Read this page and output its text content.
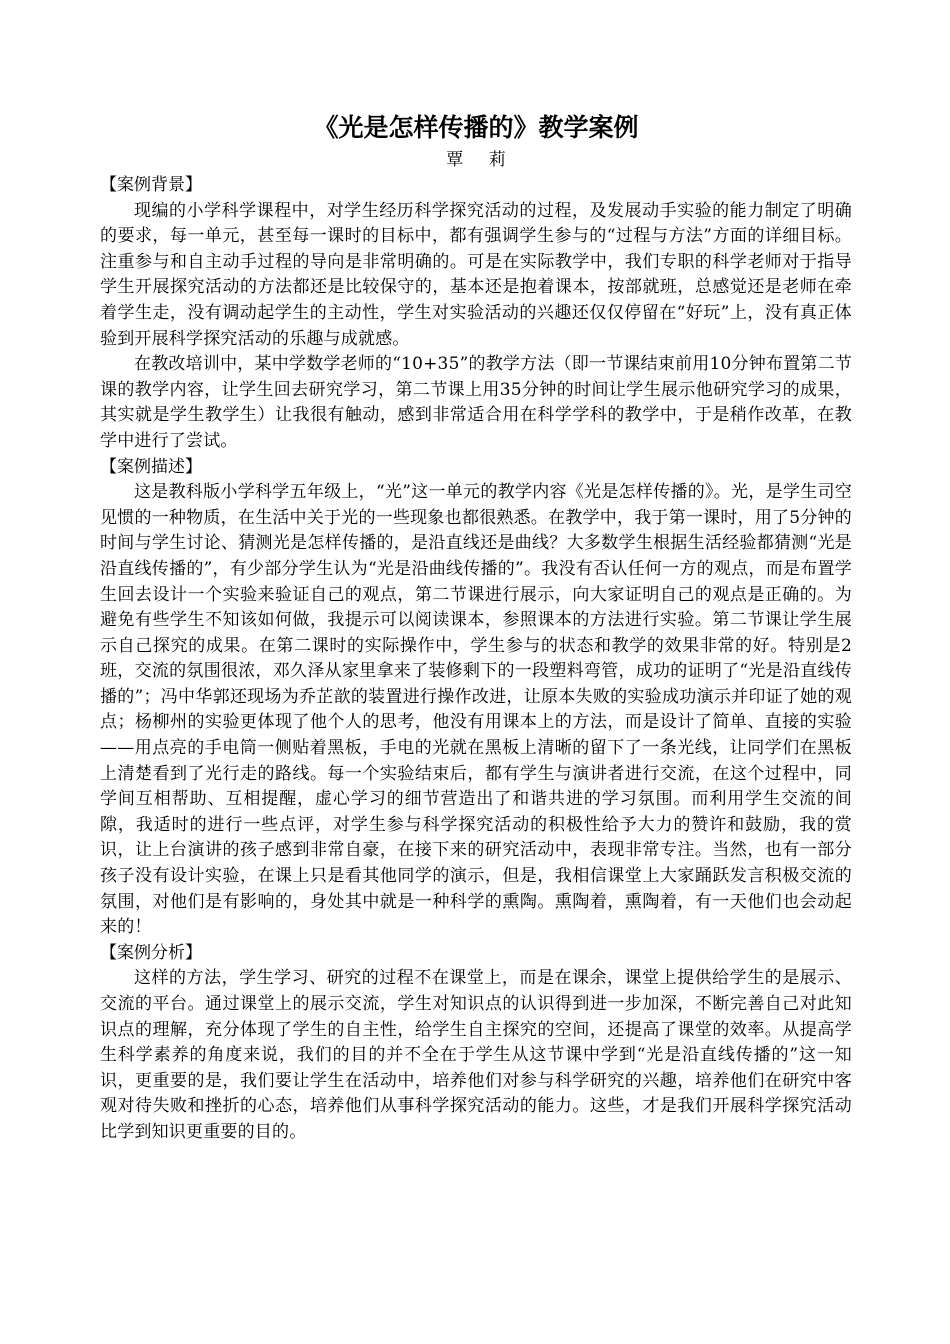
《光是怎样传播的》教学案例
覃 莉
【案例背景】

现编的小学科学课程中，对学生经历科学探究活动的过程，及发展动手实验的能力制定了明确的要求，每一单元，甚至每一课时的目标中，都有强调学生参与的“过程与方法”方面的详细目标。注重参与和自主动手过程的导向是非常明确的。可是在实际教学中，我们专职的科学老师对于指导学生开展探究活动的方法都还是比较保守的，基本还是抱着课本，按部就班，总感觉还是老师在牵着学生走，没有调动起学生的主动性，学生对实验活动的兴趣还仅仅停留在“好玩”上，没有真正体验到开展科学探究活动的乐趣与成就感。

在教改培训中，某中学数学老师的“10+35”的教学方法（即一节课结束前用10分钟布置第二节课的教学内容，让学生回去研究学习，第二节课上用35分钟的时间让学生展示他研究学习的成果，其实就是学生教学生）让我很有触动，感到非常适合用在科学学科的教学中，于是稍作改革，在教学中进行了尝试。

【案例描述】

这是教科版小学科学五年级上，“光”这一单元的教学内容《光是怎样传播的》。光，是学生司空见惯的一种物质，在生活中关于光的一些现象也都很熟悉。在教学中，我于第一课时，用了5分钟的时间与学生讨论、猜测光是怎样传播的，是沿直线还是曲线？大多数学生根据生活经验都猜测“光是沿直线传播的”，有少部分学生认为“光是沿曲线传播的”。我没有否认任何一方的观点，而是布置学生回去设计一个实验来验证自己的观点，第二节课进行展示，向大家证明自己的观点是正确的。为避免有些学生不知该如何做，我提示可以阅读课本，参照课本的方法进行实验。第二节课让学生展示自己探究的成果。在第二课时的实际操作中，学生参与的状态和教学的效果非常的好。特别是2班，交流的氛围很浓，邓久泽从家里拿来了装修剩下的一段塑料弯管，成功的证明了“光是沿直线传播的”；冯中华郭还现场为乔芷歆的装置进行操作改进，让原本失败的实验成功演示并印证了她的观点；杨柳州的实验更体现了他个人的思考，他没有用课本上的方法，而是设计了简单、直接的实验——用点亮的手电筒一侧贴着黑板，手电的光就在黑板上清晰的留下了一条光线，让同学们在黑板上清楚看到了光行走的路线。每一个实验结束后，都有学生与演讲者进行交流，在这个过程中，同学间互相帮助、互相提醒，虚心学习的细节营造出了和谐共进的学习氛围。而利用学生交流的间隙，我适时的进行一些点评，对学生参与科学探究活动的积极性给予大力的赞许和鼓励，我的赏识，让上台演讲的孩子感到非常自豪，在接下来的研究活动中，表现非常专注。当然，也有一部分孩子没有设计实验，在课上只是看其他同学的演示，但是，我相信课堂上大家踊跃发言积极交流的氛围，对他们是有影响的，身处其中就是一种科学的熏陶。熏陶着，熏陶着，有一天他们也会动起来的！

【案例分析】

这样的方法，学生学习、研究的过程不在课堂上，而是在课余，课堂上提供给学生的是展示、交流的平台。通过课堂上的展示交流，学生对知识点的认识得到进一步加深，不断完善自己对此知识点的理解，充分体现了学生的自主性，给学生自主探究的空间，还提高了课堂的效率。从提高学生科学素养的角度来说，我们的目的并不全在于学生从这节课中学到“光是沿直线传播的”这一知识，更重要的是，我们要让学生在活动中，培养他们对参与科学研究的兴趣，培养他们在研究中客观对待失败和挫折的心态，培养他们从事科学探究活动的能力。这些，才是我们开展科学探究活动比学到知识更重要的目的。
